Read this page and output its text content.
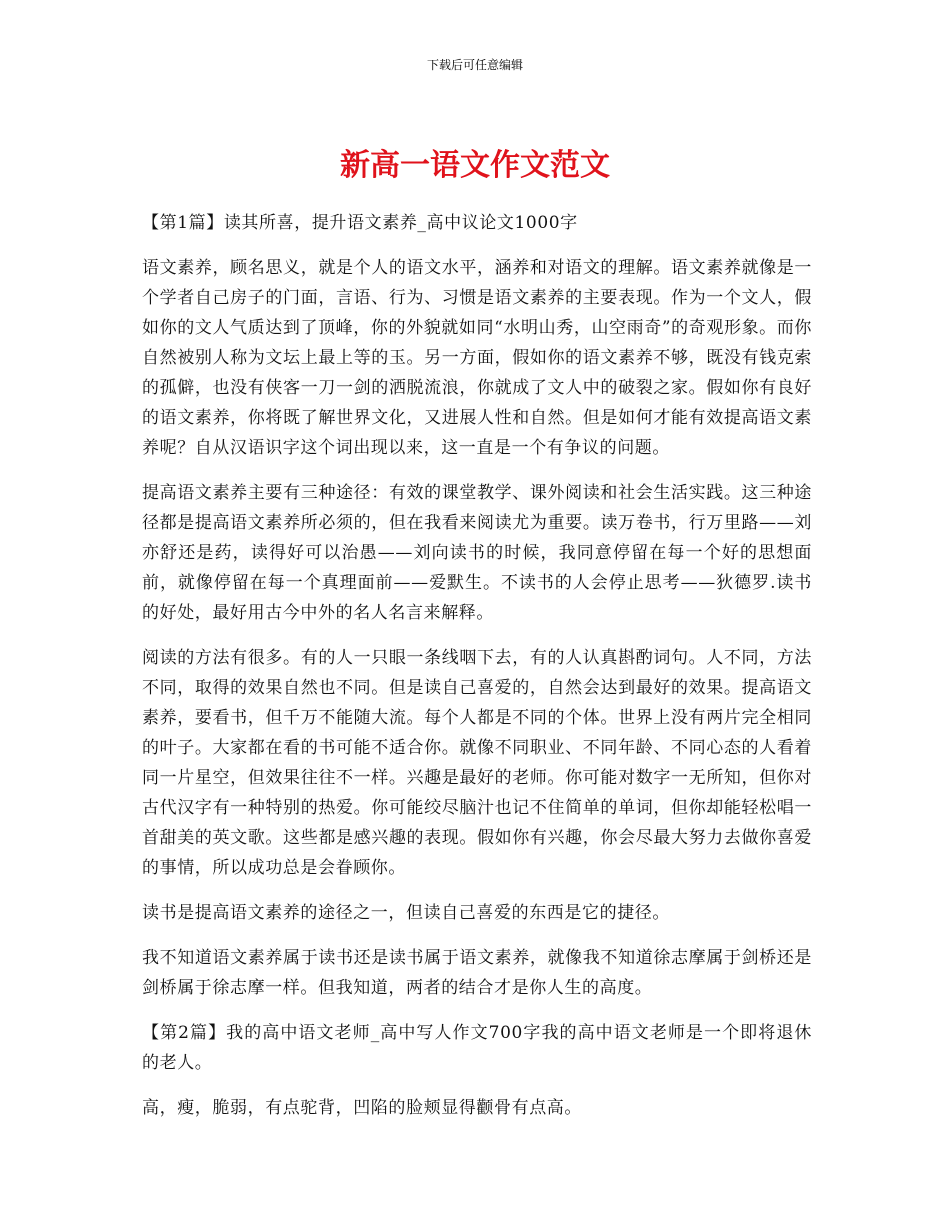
下载后可任意编辑
新高一语文作文范文

【第1篇】读其所喜，提升语文素养_高中议论文1000字

语文素养，顾名思义，就是个人的语文水平，涵养和对语文的理解。语文素养就像是一个学者自己房子的门面，言语、行为、习惯是语文素养的主要表现。作为一个文人，假如你的文人气质达到了顶峰，你的外貌就如同“水明山秀，山空雨奇”的奇观形象。而你自然被别人称为文坛上最上等的玉。另一方面，假如你的语文素养不够，既没有钱克索的孤僻，也没有侠客一刀一剑的洒脱流浪，你就成了文人中的破裂之家。假如你有良好的语文素养，你将既了解世界文化，又进展人性和自然。但是如何才能有效提高语文素养呢？自从汉语识字这个词出现以来，这一直是一个有争议的问题。

提高语文素养主要有三种途径：有效的课堂教学、课外阅读和社会生活实践。这三种途径都是提高语文素养所必须的，但在我看来阅读尤为重要。读万卷书，行万里路——刘亦舒还是药，读得好可以治愚——刘向读书的时候，我同意停留在每一个好的思想面前，就像停留在每一个真理面前——爱默生。不读书的人会停止思考——狄德罗.读书的好处，最好用古今中外的名人名言来解释。

阅读的方法有很多。有的人一只眼一条线咽下去，有的人认真斟酌词句。人不同，方法不同，取得的效果自然也不同。但是读自己喜爱的，自然会达到最好的效果。提高语文素养，要看书，但千万不能随大流。每个人都是不同的个体。世界上没有两片完全相同的叶子。大家都在看的书可能不适合你。就像不同职业、不同年龄、不同心态的人看着同一片星空，但效果往往不一样。兴趣是最好的老师。你可能对数字一无所知，但你对古代汉字有一种特别的热爱。你可能绞尽脑汁也记不住简单的单词，但你却能轻松唱一首甜美的英文歌。这些都是感兴趣的表现。假如你有兴趣，你会尽最大努力去做你喜爱的事情，所以成功总是会眷顾你。

读书是提高语文素养的途径之一，但读自己喜爱的东西是它的捷径。

我不知道语文素养属于读书还是读书属于语文素养，就像我不知道徐志摩属于剑桥还是剑桥属于徐志摩一样。但我知道，两者的结合才是你人生的高度。

【第2篇】我的高中语文老师_高中写人作文700字我的高中语文老师是一个即将退休的老人。

高，瘦，脆弱，有点驼背，凹陷的脸颊显得颧骨有点高。
